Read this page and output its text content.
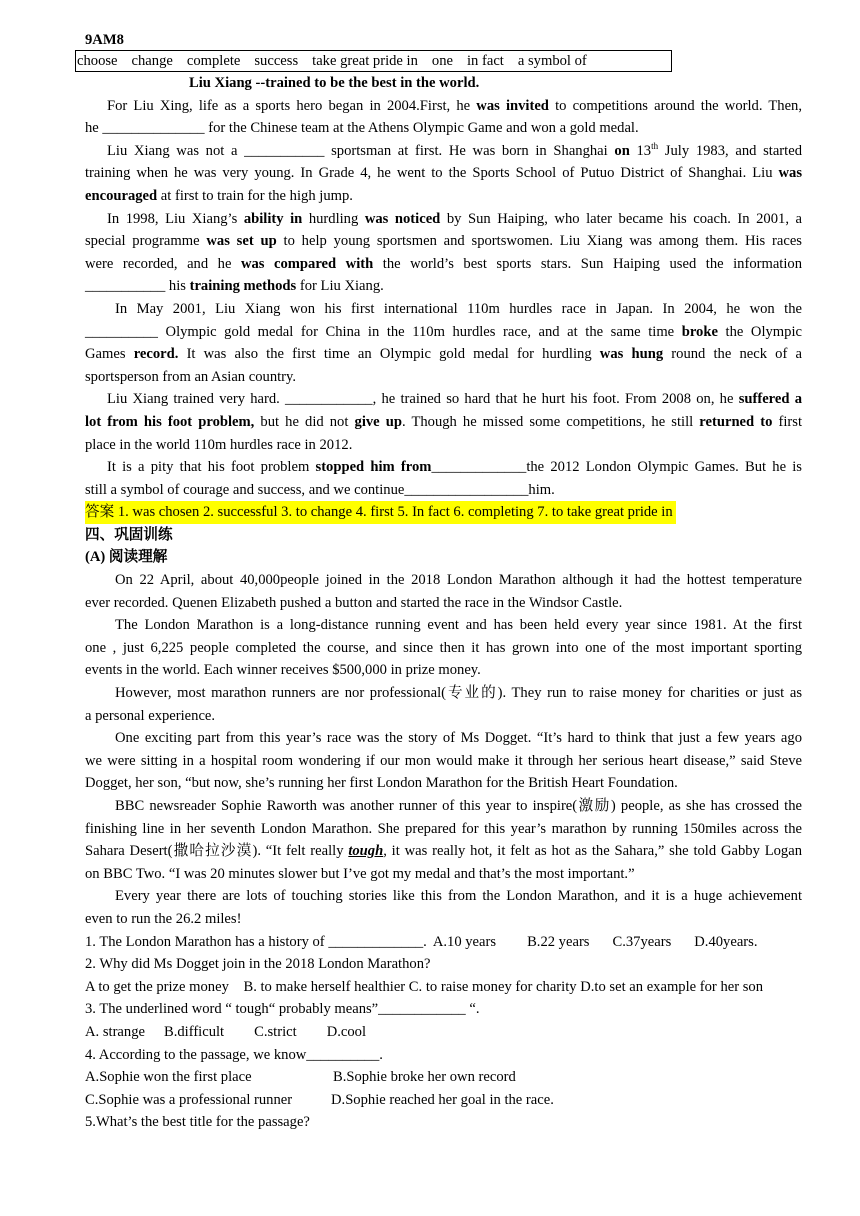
9AM8
choose change complete success take great pride in one in fact a symbol of
Liu Xiang --trained to be the best in the world.
For Liu Xing, life as a sports hero began in 2004.First, he was invited to competitions around the world. Then,
he ______________ for the Chinese team at the Athens Olympic Game and won a gold medal.
Liu Xiang was not a ___________ sportsman at first. He was born in Shanghai on 13th July 1983, and started
training when he was very young. In Grade 4, he went to the Sports School of Putuo District of Shanghai. Liu was
encouraged at first to train for the high jump.
In 1998, Liu Xiang’s ability in hurdling was noticed by Sun Haiping, who later became his coach. In 2001, a
special programme was set up to help young sportsmen and sportswomen. Liu Xiang was among them. His races
were recorded, and he was compared with the world’s best sports stars. Sun Haiping used the information
___________ his training methods for Liu Xiang.
In May 2001, Liu Xiang won his first international 110m hurdles race in Japan. In 2004, he won the
__________ Olympic gold medal for China in the 110m hurdles race, and at the same time broke the Olympic
Games record. It was also the first time an Olympic gold medal for hurdling was hung round the neck of a
sportsperson from an Asian country.
Liu Xiang trained very hard. ____________, he trained so hard that he hurt his foot. From 2008 on, he suffered a
lot from his foot problem, but he did not give up. Though he missed some competitions, he still returned to first
place in the world 110m hurdles race in 2012.
It is a pity that his foot problem stopped him from_____________the 2012 London Olympic Games. But he is
still a symbol of courage and success, and we continue_________________him.
答案 1. was chosen 2. successful 3. to change 4. first 5. In fact 6. completing 7. to take great pride in
四、巩固训练
(A) 阅读理解
On 22 April, about 40,000people joined in the 2018 London Marathon although it had the hottest temperature
ever recorded. Quenen Elizabeth pushed a button and started the race in the Windsor Castle.
The London Marathon is a long-distance running event and has been held every year since 1981. At the first
one , just 6,225 people completed the course, and since then it has grown into one of the most important sporting
events in the world. Each winner receives $500,000 in prize money.
However, most marathon runners are nor professional(专业的). They run to raise money for charities or just as
a personal experience.
One exciting part from this year’s race was the story of Ms Dogget. “It’s hard to think that just a few years ago
we were sitting in a hospital room wondering if our mon would make it through her serious heart disease,” said Steve
Dogget, her son, “but now, she’s running her first London Marathon for the British Heart Foundation.
BBC newsreader Sophie Raworth was another runner of this year to inspire(激励) people, as she has crossed the
finishing line in her seventh London Marathon. She prepared for this year’s marathon by running 150miles across the
Sahara Desert(撒哈拉沙漠). “It felt really tough, it was really hot, it felt as hot as the Sahara,” she told Gabby Logan
on BBC Two. “I was 20 minutes slower but I’ve got my medal and that’s the most important.”
Every year there are lots of touching stories like this from the London Marathon, and it is a huge achievement
even to run the 26.2 miles!
1. The London Marathon has a history of _____________. A.10 years B.22 years C.37years D.40years.
2. Why did Ms Dogget join in the 2018 London Marathon?
A to get the prize money    B. to make herself healthier C. to raise money for charity D.to set an example for her son
3. The underlined word “ tough“ probably means”____________ “.
A. strange B.difficult C.strict D.cool
4. According to the passage, we know__________.
A.Sophie won the first place	B.Sophie broke her own record
C.Sophie was a professional runner	D.Sophie reached her goal in the race.
5.What’s the best title for the passage?
